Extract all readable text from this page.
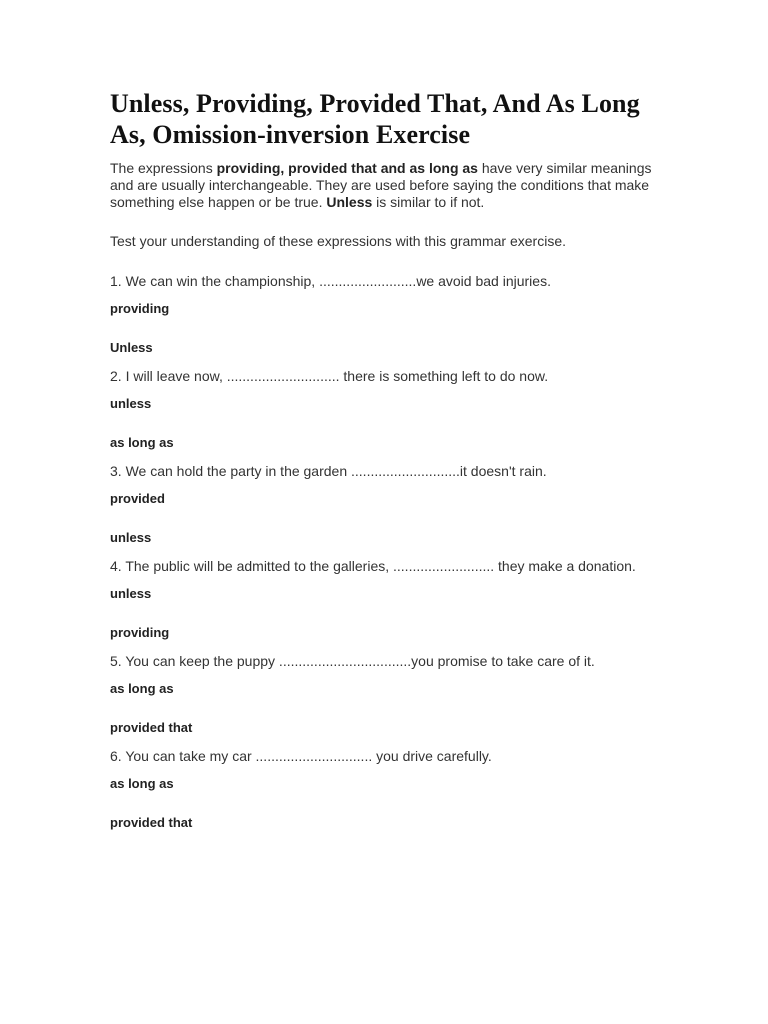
Unless, Providing, Provided That, And As Long As, Omission-inversion Exercise

The expressions providing, provided that and as long as have very similar meanings and are usually interchangeable. They are used before saying the conditions that make something else happen or be true. Unless is similar to if not.

Test your understanding of these expressions with this grammar exercise.

1. We can win the championship, .........................we avoid bad injuries.

providing

Unless

2. I will leave now, ............................. there is something left to do now.

unless

as long as

3. We can hold the party in the garden ............................it doesn't rain.

provided

unless

4. The public will be admitted to the galleries, .......................... they make a donation.

unless

providing

5. You can keep the puppy ..................................you promise to take care of it.

as long as

provided that

6. You can take my car .............................. you drive carefully.

as long as

provided that
